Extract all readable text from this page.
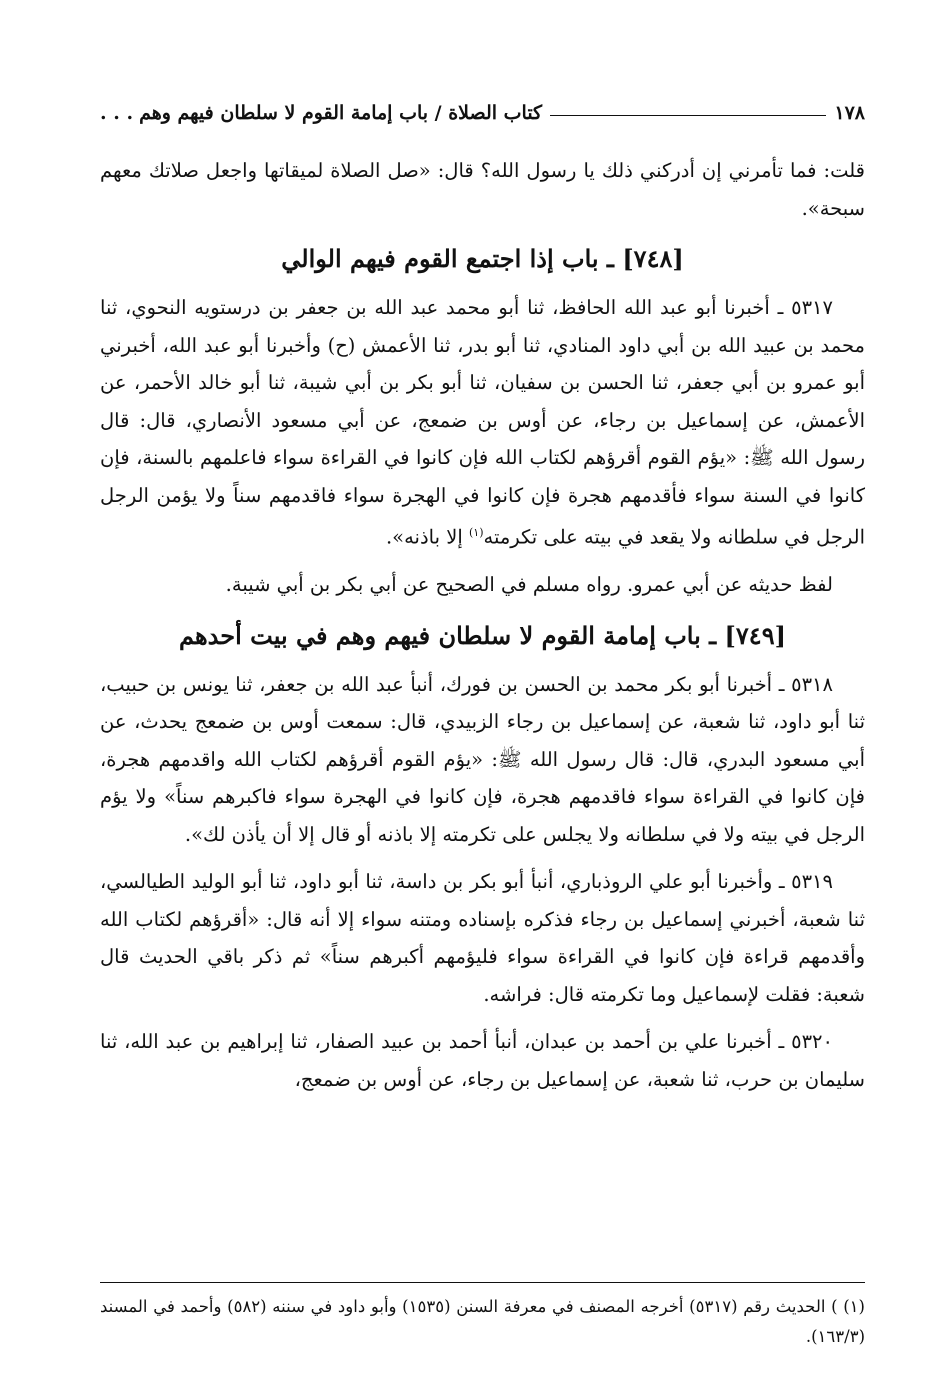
١٧٨
كتاب الصلاة / باب إمامة القوم لا سلطان فيهم وهم
. . .

قلت: فما تأمرني إن أدركني ذلك يا رسول الله؟ قال: «صل الصلاة لميقاتها واجعل صلاتك معهم سبحة».

[٧٤٨] ـ باب إذا اجتمع القوم فيهم الوالي

٥٣١٧ ـ أخبرنا أبو عبد الله الحافظ، ثنا أبو محمد عبد الله بن جعفر بن درستويه النحوي، ثنا محمد بن عبيد الله بن أبي داود المنادي، ثنا أبو بدر، ثنا الأعمش (ح) وأخبرنا أبو عبد الله، أخبرني أبو عمرو بن أبي جعفر، ثنا الحسن بن سفيان، ثنا أبو بكر بن أبي شيبة، ثنا أبو خالد الأحمر، عن الأعمش، عن إسماعيل بن رجاء، عن أوس بن ضمعج، عن أبي مسعود الأنصاري، قال: قال رسول الله ﷺ: «يؤم القوم أقرؤهم لكتاب الله فإن كانوا في القراءة سواء فاعلمهم بالسنة، فإن كانوا في السنة سواء فأقدمهم هجرة فإن كانوا في الهجرة سواء فاقدمهم سناً ولا يؤمن الرجل الرجل في سلطانه ولا يقعد في بيته على تكرمته$^{(١)}$ إلا باذنه».

لفظ حديثه عن أبي عمرو. رواه مسلم في الصحيح عن أبي بكر بن أبي شيبة.

[٧٤٩] ـ باب إمامة القوم لا سلطان فيهم وهم في بيت أحدهم

٥٣١٨ ـ أخبرنا أبو بكر محمد بن الحسن بن فورك، أنبأ عبد الله بن جعفر، ثنا يونس بن حبيب، ثنا أبو داود، ثنا شعبة، عن إسماعيل بن رجاء الزبيدي، قال: سمعت أوس بن ضمعج يحدث، عن أبي مسعود البدري، قال: قال رسول الله ﷺ: «يؤم القوم أقرؤهم لكتاب الله واقدمهم هجرة، فإن كانوا في القراءة سواء فاقدمهم هجرة، فإن كانوا في الهجرة سواء فاكبرهم سناً» ولا يؤم الرجل في بيته ولا في سلطانه ولا يجلس على تكرمته إلا باذنه أو قال إلا أن يأذن لك».

٥٣١٩ ـ وأخبرنا أبو علي الروذباري، أنبأ أبو بكر بن داسة، ثنا أبو داود، ثنا أبو الوليد الطيالسي، ثنا شعبة، أخبرني إسماعيل بن رجاء فذكره بإسناده ومتنه سواء إلا أنه قال: «أقرؤهم لكتاب الله وأقدمهم قراءة فإن كانوا في القراءة سواء فليؤمهم أكبرهم سناً» ثم ذكر باقي الحديث قال شعبة: فقلت لإسماعيل وما تكرمته قال: فراشه.

٥٣٢٠ ـ أخبرنا علي بن أحمد بن عبدان، أنبأ أحمد بن عبيد الصفار، ثنا إبراهيم بن عبد الله، ثنا سليمان بن حرب، ثنا شعبة، عن إسماعيل بن رجاء، عن أوس بن ضمعج،

(١) ) الحديث رقم (٥٣١٧) أخرجه المصنف في معرفة السنن (١٥٣٥) وأبو داود في سننه (٥٨٢) وأحمد في المسند (١٦٣/٣).
